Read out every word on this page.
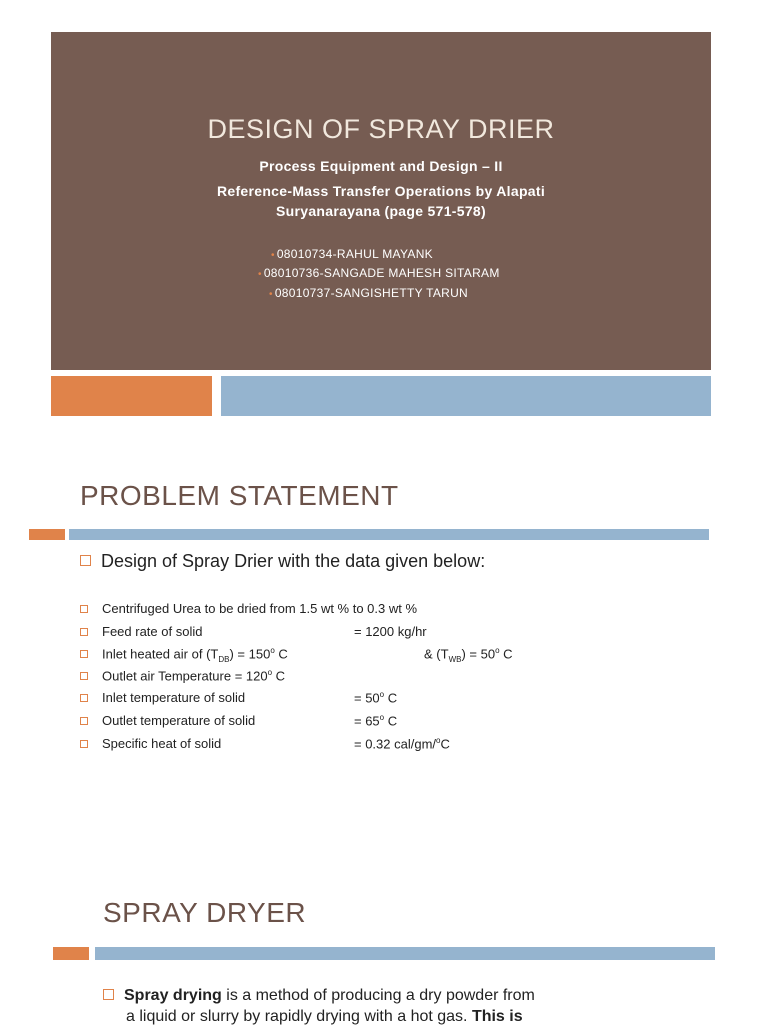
DESIGN OF SPRAY DRIER
Process Equipment and Design – II
Reference-Mass Transfer Operations by Alapati
Suryanarayana (page 571-578)
• 08010734-RAHUL MAYANK
• 08010736-SANGADE MAHESH SITARAM
• 08010737-SANGISHETTY TARUN
PROBLEM STATEMENT
Design of Spray Drier with the data given below:
Centrifuged Urea to be dried from 1.5 wt % to 0.3 wt %
Feed rate of solid	= 1200 kg/hr
Inlet heated air of $(T_{DB}) = 150^o$ C	& $(T_{WB}) = 50^o$ C
Outlet air Temperature = $120^o$ C
Inlet temperature of solid	= $50^o$ C
Outlet temperature of solid	= $65^o$ C
Specific heat of solid	= 0.32 cal/gm/$^o$C
SPRAY DRYER
Spray drying is a method of producing a dry powder from
a liquid or slurry by rapidly drying with a hot gas. This is
